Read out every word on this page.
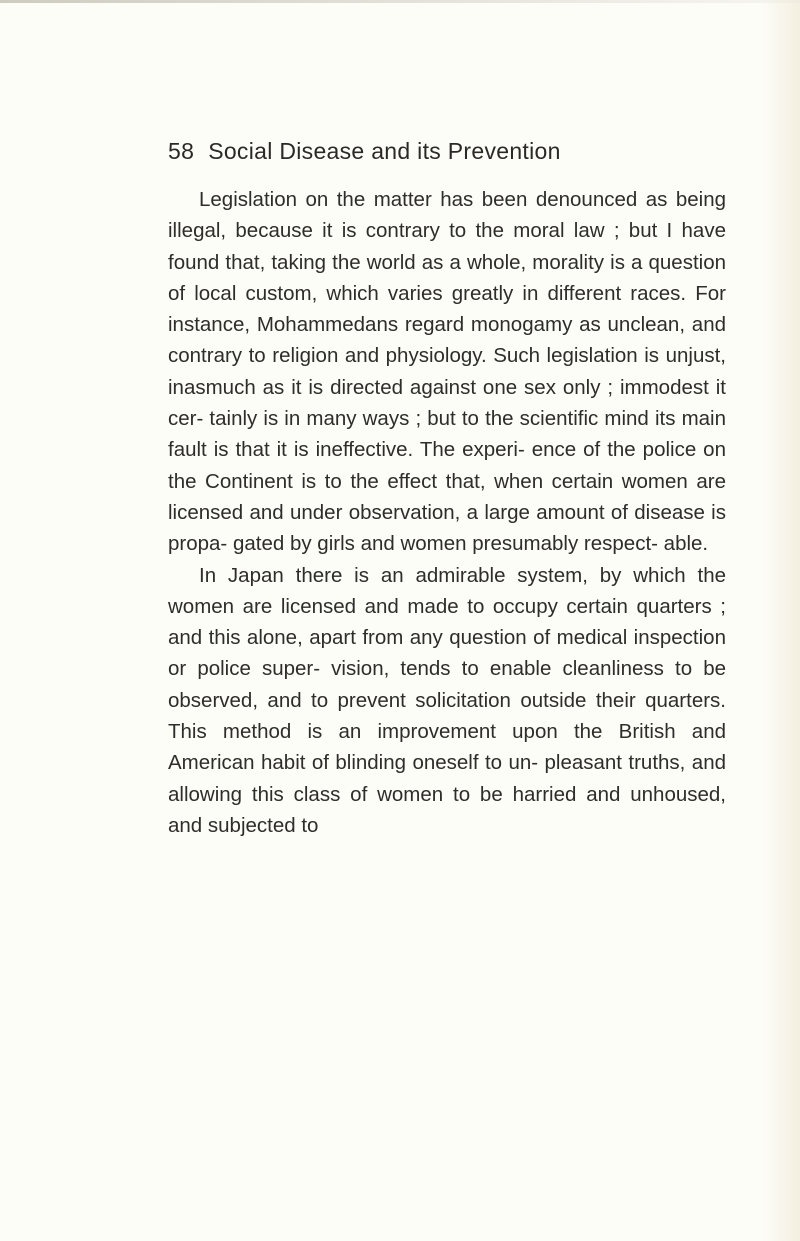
58 Social Disease and its Prevention

Legislation on the matter has been denounced as being illegal, because it is contrary to the moral law ; but I have found that, taking the world as a whole, morality is a question of local custom, which varies greatly in different races. For instance, Mohammedans regard monogamy as unclean, and contrary to religion and physiology. Such legislation is unjust, inasmuch as it is directed against one sex only ; immodest it cer- tainly is in many ways ; but to the scientific mind its main fault is that it is ineffective. The experi- ence of the police on the Continent is to the effect that, when certain women are licensed and under observation, a large amount of disease is propa- gated by girls and women presumably respect- able.

In Japan there is an admirable system, by which the women are licensed and made to occupy certain quarters ; and this alone, apart from any question of medical inspection or police super- vision, tends to enable cleanliness to be observed, and to prevent solicitation outside their quarters. This method is an improvement upon the British and American habit of blinding oneself to un- pleasant truths, and allowing this class of women to be harried and unhoused, and subjected to
